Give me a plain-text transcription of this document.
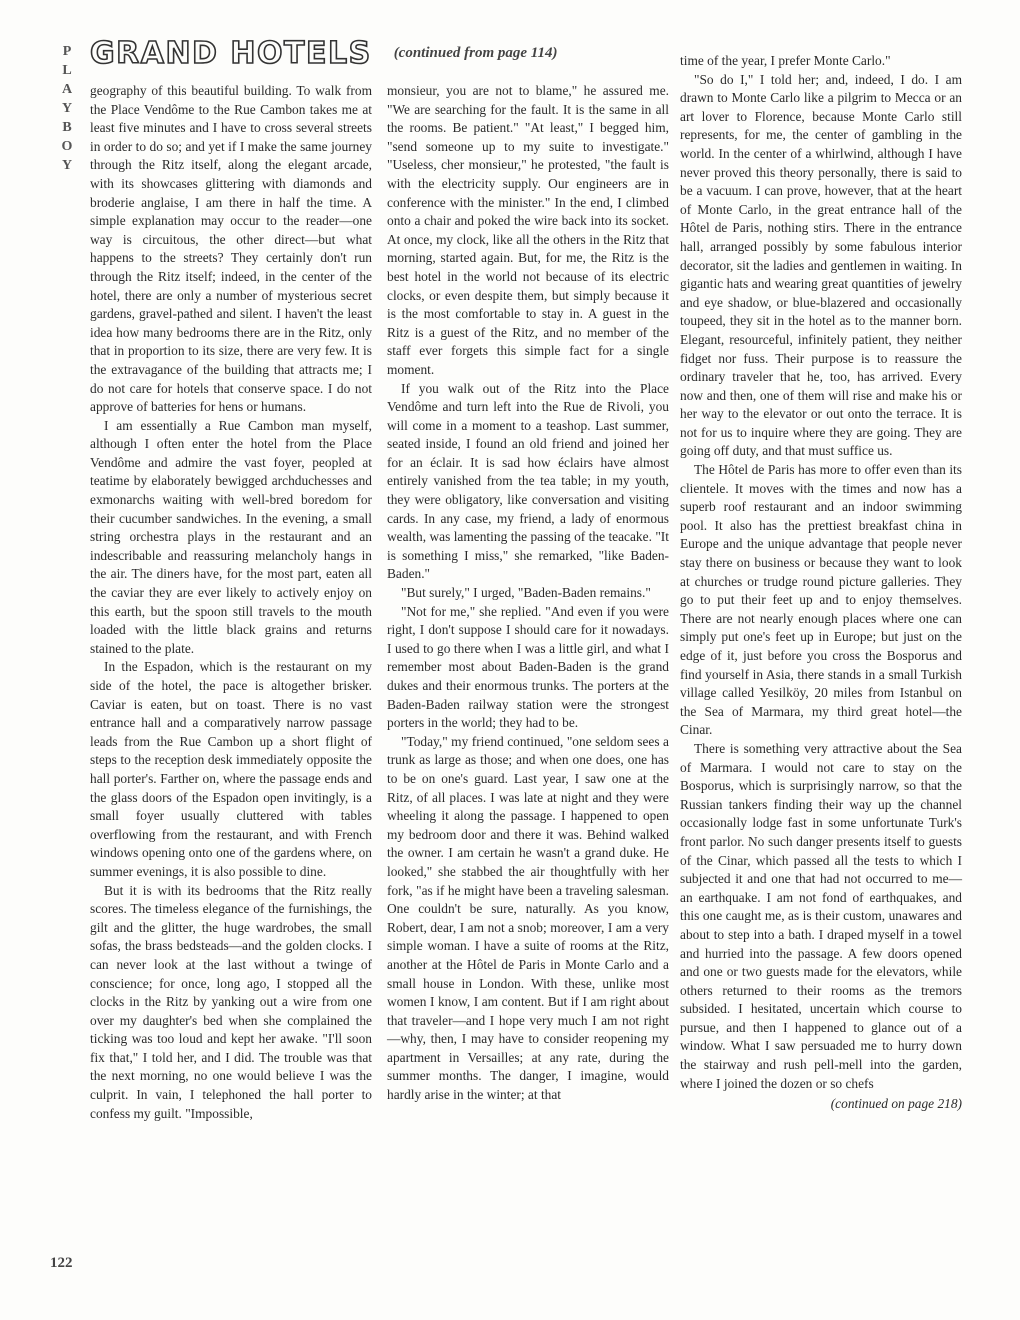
P
L
A
Y
B
O
Y
GRAND HOTELS (continued from page 114)

geography of this beautiful building. To walk from the Place Vendôme to the Rue Cambon takes me at least five minutes and I have to cross several streets in order to do so; and yet if I make the same journey through the Ritz itself, along the elegant arcade, with its showcases glittering with diamonds and broderie anglaise, I am there in half the time. A simple explanation may occur to the reader—one way is circuitous, the other direct—but what happens to the streets? They certainly don't run through the Ritz itself; indeed, in the center of the hotel, there are only a number of mysterious secret gardens, gravel-pathed and silent. I haven't the least idea how many bedrooms there are in the Ritz, only that in proportion to its size, there are very few. It is the extravagance of the building that attracts me; I do not care for hotels that conserve space. I do not approve of batteries for hens or humans.

I am essentially a Rue Cambon man myself, although I often enter the hotel from the Place Vendôme and admire the vast foyer, peopled at teatime by elaborately bewigged archduchesses and exmonarchs waiting with well-bred boredom for their cucumber sandwiches. In the evening, a small string orchestra plays in the restaurant and an indescribable and reassuring melancholy hangs in the air. The diners have, for the most part, eaten all the caviar they are ever likely to actively enjoy on this earth, but the spoon still travels to the mouth loaded with the little black grains and returns stained to the plate.

In the Espadon, which is the restaurant on my side of the hotel, the pace is altogether brisker. Caviar is eaten, but on toast. There is no vast entrance hall and a comparatively narrow passage leads from the Rue Cambon up a short flight of steps to the reception desk immediately opposite the hall porter's. Farther on, where the passage ends and the glass doors of the Espadon open invitingly, is a small foyer usually cluttered with tables overflowing from the restaurant, and with French windows opening onto one of the gardens where, on summer evenings, it is also possible to dine.

But it is with its bedrooms that the Ritz really scores. The timeless elegance of the furnishings, the gilt and the glitter, the huge wardrobes, the small sofas, the brass bedsteads—and the golden clocks. I can never look at the last without a twinge of conscience; for once, long ago, I stopped all the clocks in the Ritz by yanking out a wire from one over my daughter's bed when she complained the ticking was too loud and kept her awake. "I'll soon fix that," I told her, and I did. The trouble was that the next morning, no one would believe I was the culprit. In vain, I telephoned the hall porter to confess my guilt. "Impossible,

monsieur, you are not to blame," he assured me. "We are searching for the fault. It is the same in all the rooms. Be patient." "At least," I begged him, "send someone up to my suite to investigate." "Useless, cher monsieur," he protested, "the fault is with the electricity supply. Our engineers are in conference with the minister." In the end, I climbed onto a chair and poked the wire back into its socket. At once, my clock, like all the others in the Ritz that morning, started again. But, for me, the Ritz is the best hotel in the world not because of its electric clocks, or even despite them, but simply because it is the most comfortable to stay in. A guest in the Ritz is a guest of the Ritz, and no member of the staff ever forgets this simple fact for a single moment.

If you walk out of the Ritz into the Place Vendôme and turn left into the Rue de Rivoli, you will come in a moment to a teashop. Last summer, seated inside, I found an old friend and joined her for an éclair. It is sad how éclairs have almost entirely vanished from the tea table; in my youth, they were obligatory, like conversation and visiting cards. In any case, my friend, a lady of enormous wealth, was lamenting the passing of the teacake. "It is something I miss," she remarked, "like Baden-Baden."

"But surely," I urged, "Baden-Baden remains."

"Not for me," she replied. "And even if you were right, I don't suppose I should care for it nowadays. I used to go there when I was a little girl, and what I remember most about Baden-Baden is the grand dukes and their enormous trunks. The porters at the Baden-Baden railway station were the strongest porters in the world; they had to be.

"Today," my friend continued, "one seldom sees a trunk as large as those; and when one does, one has to be on one's guard. Last year, I saw one at the Ritz, of all places. I was late at night and they were wheeling it along the passage. I happened to open my bedroom door and there it was. Behind walked the owner. I am certain he wasn't a grand duke. He looked," she stabbed the air thoughtfully with her fork, "as if he might have been a traveling salesman. One couldn't be sure, naturally. As you know, Robert, dear, I am not a snob; moreover, I am a very simple woman. I have a suite of rooms at the Ritz, another at the Hôtel de Paris in Monte Carlo and a small house in London. With these, unlike most women I know, I am content. But if I am right about that traveler—and I hope very much I am not right—why, then, I may have to consider reopening my apartment in Versailles; at any rate, during the summer months. The danger, I imagine, would hardly arise in the winter; at that

time of the year, I prefer Monte Carlo."

"So do I," I told her; and, indeed, I do. I am drawn to Monte Carlo like a pilgrim to Mecca or an art lover to Florence, because Monte Carlo still represents, for me, the center of gambling in the world. In the center of a whirlwind, although I have never proved this theory personally, there is said to be a vacuum. I can prove, however, that at the heart of Monte Carlo, in the great entrance hall of the Hôtel de Paris, nothing stirs. There in the entrance hall, arranged possibly by some fabulous interior decorator, sit the ladies and gentlemen in waiting. In gigantic hats and wearing great quantities of jewelry and eye shadow, or blue-blazered and occasionally toupeed, they sit in the hotel as to the manner born. Elegant, resourceful, infinitely patient, they neither fidget nor fuss. Their purpose is to reassure the ordinary traveler that he, too, has arrived. Every now and then, one of them will rise and make his or her way to the elevator or out onto the terrace. It is not for us to inquire where they are going. They are going off duty, and that must suffice us.

The Hôtel de Paris has more to offer even than its clientele. It moves with the times and now has a superb roof restaurant and an indoor swimming pool. It also has the prettiest breakfast china in Europe and the unique advantage that people never stay there on business or because they want to look at churches or trudge round picture galleries. They go to put their feet up and to enjoy themselves. There are not nearly enough places where one can simply put one's feet up in Europe; but just on the edge of it, just before you cross the Bosporus and find yourself in Asia, there stands in a small Turkish village called Yesilköy, 20 miles from Istanbul on the Sea of Marmara, my third great hotel—the Cinar.

There is something very attractive about the Sea of Marmara. I would not care to stay on the Bosporus, which is surprisingly narrow, so that the Russian tankers finding their way up the channel occasionally lodge fast in some unfortunate Turk's front parlor. No such danger presents itself to guests of the Cinar, which passed all the tests to which I subjected it and one that had not occurred to me—an earthquake. I am not fond of earthquakes, and this one caught me, as is their custom, unawares and about to step into a bath. I draped myself in a towel and hurried into the passage. A few doors opened and one or two guests made for the elevators, while others returned to their rooms as the tremors subsided. I hesitated, uncertain which course to pursue, and then I happened to glance out of a window. What I saw persuaded me to hurry down the stairway and rush pell-mell into the garden, where I joined the dozen or so chefs

(continued on page 218)
122
